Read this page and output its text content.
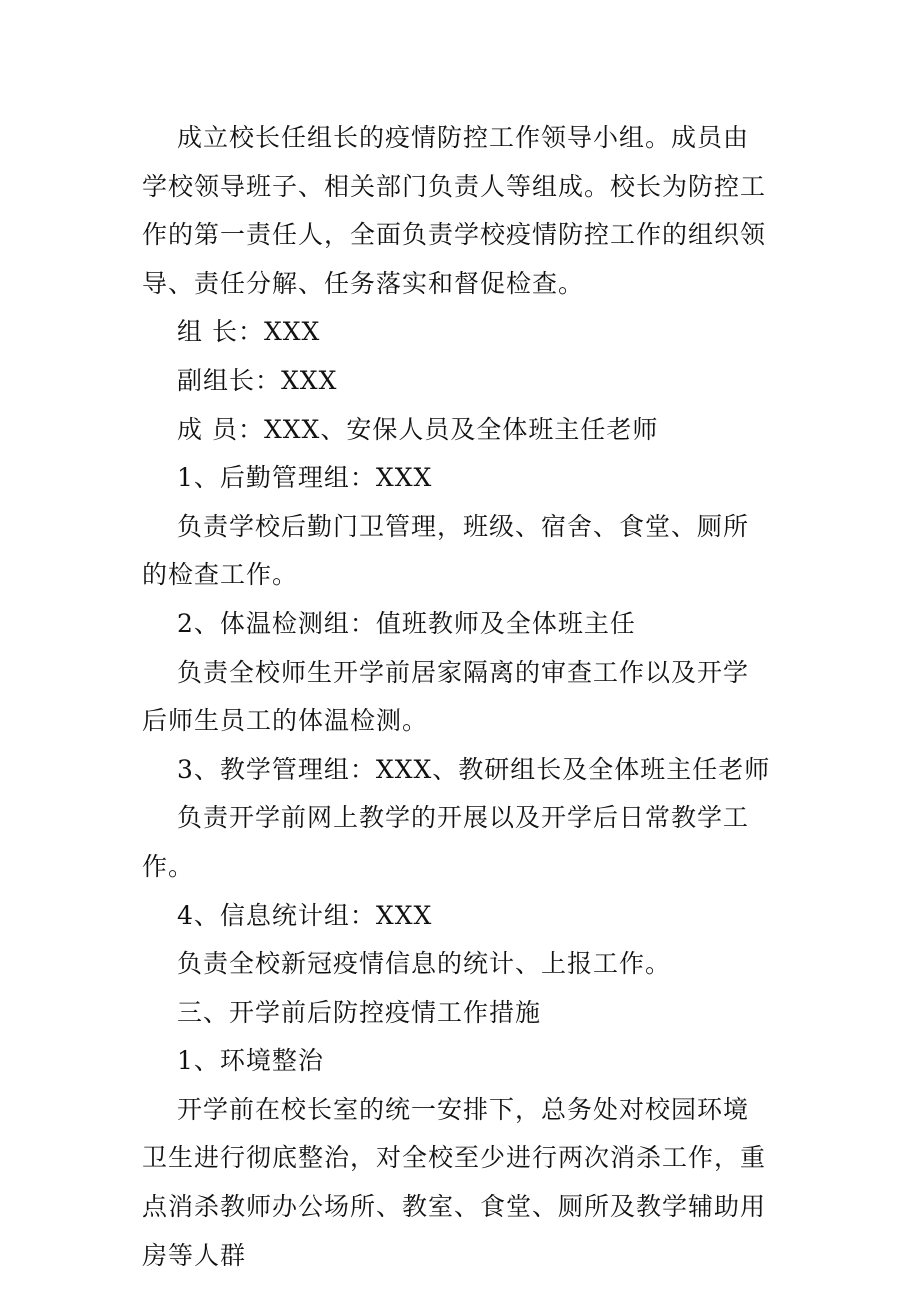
成立校长任组长的疫情防控工作领导小组。成员由学校领导班子、相关部门负责人等组成。校长为防控工作的第一责任人，全面负责学校疫情防控工作的组织领导、责任分解、任务落实和督促检查。

组 长：XXX

副组长：XXX

成 员：XXX、安保人员及全体班主任老师

1、后勤管理组：XXX

负责学校后勤门卫管理，班级、宿舍、食堂、厕所的检查工作。

2、体温检测组：值班教师及全体班主任

负责全校师生开学前居家隔离的审查工作以及开学后师生员工的体温检测。

3、教学管理组：XXX、教研组长及全体班主任老师

负责开学前网上教学的开展以及开学后日常教学工作。

4、信息统计组：XXX

负责全校新冠疫情信息的统计、上报工作。

三、开学前后防控疫情工作措施

1、环境整治

开学前在校长室的统一安排下，总务处对校园环境卫生进行彻底整治，对全校至少进行两次消杀工作，重点消杀教师办公场所、教室、食堂、厕所及教学辅助用房等人群
